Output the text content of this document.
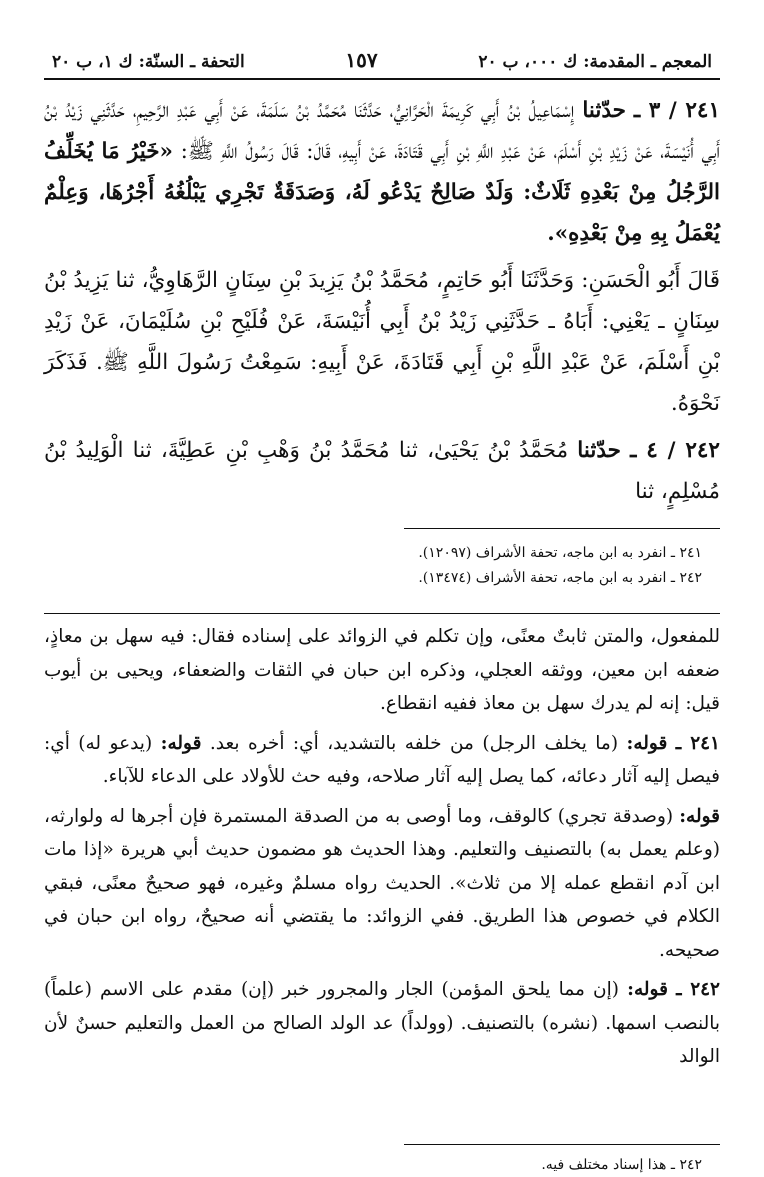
المعجم ـ المقدمة: ك ٠٠٠، ب ٢٠
١٥٧
التحفة ـ السنّة: ك ١، ب ٢٠

٢٤١ / ٣ ـ حدّثنا إِسْمَاعِيلُ بْنُ أَبِي كَرِيمَةَ الْحَرَّانِيُّ، حَدَّثَنَا مُحَمَّدُ بْنُ سَلَمَةَ، عَنْ أَبِي عَبْدِ الرَّحِيمِ، حَدَّثَنِي زَيْدُ بْنُ أَبِي أُنَيْسَةَ، عَنْ زَيْدِ بْنِ أَسْلَمَ، عَنْ عَبْدِ اللَّهِ بْنِ أَبِي قَتَادَةَ، عَنْ أَبِيهِ، قَالَ: قَالَ رَسُولُ اللَّهِ ﷺ: «خَيْرُ مَا يُخَلِّفُ الرَّجُلُ مِنْ بَعْدِهِ ثَلَاثٌ: وَلَدٌ صَالِحٌ يَدْعُو لَهُ، وَصَدَقَةٌ تَجْرِي يَبْلُغُهُ أَجْرُهَا، وَعِلْمٌ يُعْمَلُ بِهِ مِنْ بَعْدِهِ».

قَالَ أَبُو الْحَسَنِ: وَحَدَّثَنَا أَبُو حَاتِمٍ، مُحَمَّدُ بْنُ يَزِيدَ بْنِ سِنَانٍ الرَّهَاوِيُّ، ثنا يَزِيدُ بْنُ سِنَانٍ ـ يَعْنِي: أَبَاهُ ـ حَدَّثَنِي زَيْدُ بْنُ أَبِي أُنَيْسَةَ، عَنْ فُلَيْحِ بْنِ سُلَيْمَانَ، عَنْ زَيْدِ بْنِ أَسْلَمَ، عَنْ عَبْدِ اللَّهِ بْنِ أَبِي قَتَادَةَ، عَنْ أَبِيهِ: سَمِعْتُ رَسُولَ اللَّهِ ﷺ. فَذَكَرَ نَحْوَهُ.

٢٤٢ / ٤ ـ حدّثنا مُحَمَّدُ بْنُ يَحْيَىٰ، ثنا مُحَمَّدُ بْنُ وَهْبِ بْنِ عَطِيَّةَ، ثنا الْوَلِيدُ بْنُ مُسْلِمٍ، ثنا

٢٤١ ـ انفرد به ابن ماجه، تحفة الأشراف (١٢٠٩٧).
٢٤٢ ـ انفرد به ابن ماجه، تحفة الأشراف (١٣٤٧٤).

للمفعول، والمتن ثابتٌ معنًى، وإن تكلم في الزوائد على إسناده فقال: فيه سهل بن معاذٍ، ضعفه ابن معين، ووثقه العجلي، وذكره ابن حبان في الثقات والضعفاء، ويحيى بن أيوب قيل: إنه لم يدرك سهل بن معاذ ففيه انقطاع.

٢٤١ ـ قوله: (ما يخلف الرجل) من خلفه بالتشديد، أي: أخره بعد. قوله: (يدعو له) أي: فيصل إليه آثار دعائه، كما يصل إليه آثار صلاحه، وفيه حث للأولاد على الدعاء للآباء.

قوله: (وصدقة تجري) كالوقف، وما أوصى به من الصدقة المستمرة فإن أجرها له ولوارثه، (وعلم يعمل به) بالتصنيف والتعليم. وهذا الحديث هو مضمون حديث أبي هريرة «إذا مات ابن آدم انقطع عمله إلا من ثلاث». الحديث رواه مسلمٌ وغيره، فهو صحيحٌ معنًى، فبقي الكلام في خصوص هذا الطريق. ففي الزوائد: ما يقتضي أنه صحيحٌ، رواه ابن حبان في صحيحه.

٢٤٢ ـ قوله: (إن مما يلحق المؤمن) الجار والمجرور خبر (إن) مقدم على الاسم (علماً) بالنصب اسمها. (نشره) بالتصنيف. (وولداً) عد الولد الصالح من العمل والتعليم حسنٌ لأن الوالد

٢٤٢ ـ هذا إسناد مختلف فيه.
